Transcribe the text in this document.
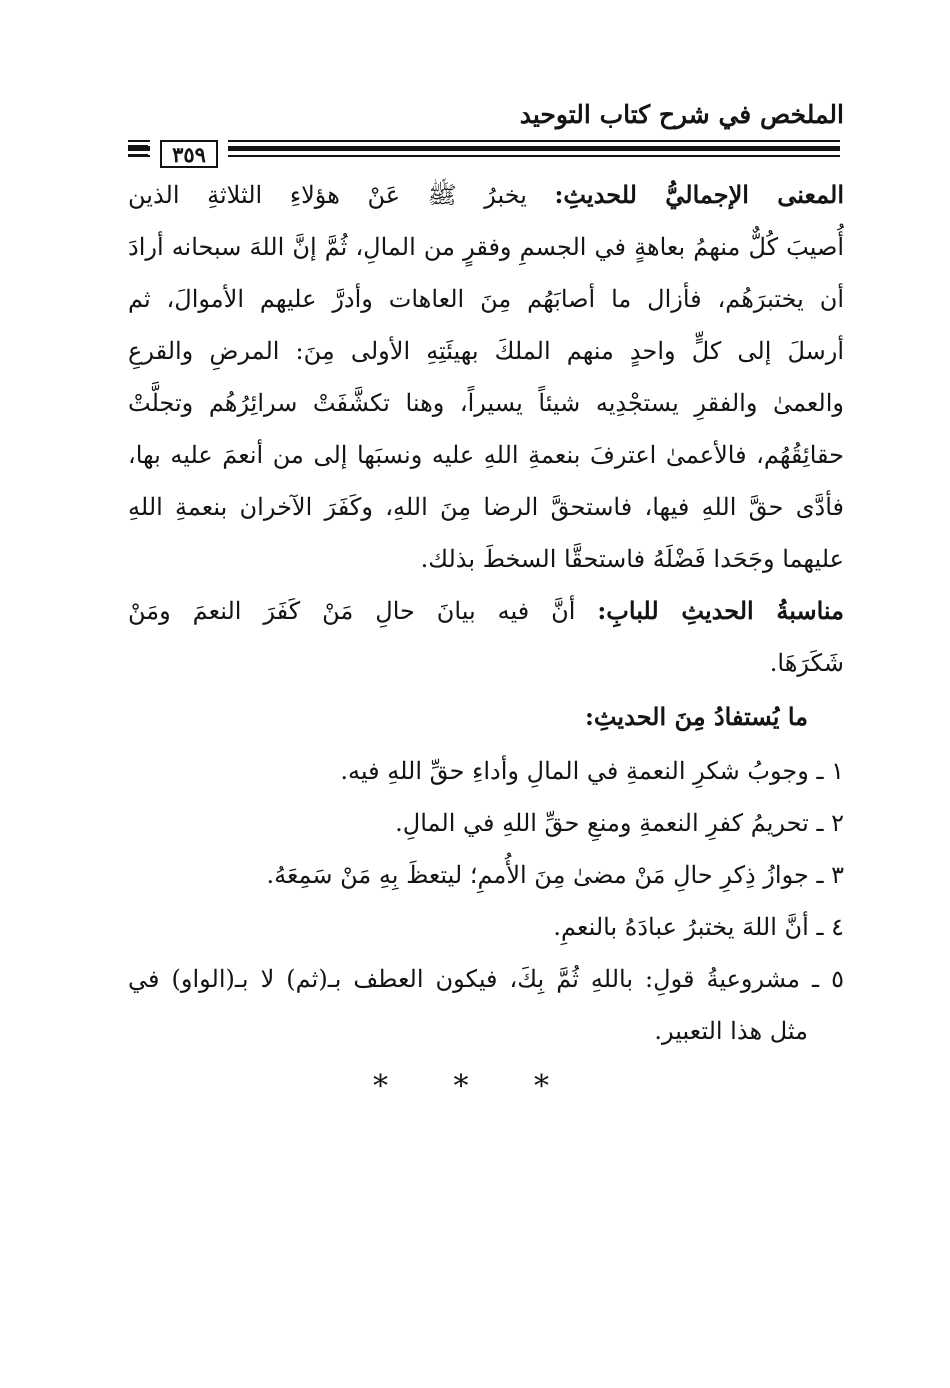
الملخص في شرح كتاب التوحيد
٣٥٩
المعنى الإجماليُّ للحديثِ: يخبرُ ﷺ عَنْ هؤلاءِ الثلاثةِ الذين
أُصيبَ كُلٌّ منهمُ بعاهةٍ في الجسمِ وفقرٍ من المالِ، ثُمَّ إنَّ اللهَ سبحانه أرادَ
أن يختبرَهُم، فأزال ما أصابَهُم مِنَ العاهات وأدرَّ عليهم الأموالَ، ثم
أرسلَ إلى كلٍّ واحدٍ منهم الملكَ بهيئَتِهِ الأولى مِنَ: المرضِ والقرعِ
والعمىٰ والفقرِ يستجْدِيه شيئاً يسيراً، وهنا تكشَّفَتْ سرائِرُهُم وتجلَّتْ
حقائِقُهُم، فالأعمىٰ اعترفَ بنعمةِ اللهِ عليه ونسبَها إلى من أنعمَ عليه بها،
فأدَّى حقَّ اللهِ فيها، فاستحقَّ الرضا مِنَ اللهِ، وكَفَرَ الآخران بنعمةِ اللهِ
عليهما وجَحَدا فَضْلَهُ فاستحقَّا السخطَ بذلك.
مناسبةُ الحديثِ للبابِ: أنَّ فيه بيانَ حالِ مَنْ كَفَرَ النعمَ ومَنْ
شَكَرَهَا.
ما يُستفادُ مِنَ الحديثِ:
١ ـ وجوبُ شكرِ النعمةِ في المالِ وأداءِ حقِّ اللهِ فيه.
٢ ـ تحريمُ كفرِ النعمةِ ومنعِ حقِّ اللهِ في المالِ.
٣ ـ جوازُ ذِكرِ حالِ مَنْ مضىٰ مِنَ الأُممِ؛ ليتعظَ بِهِ مَنْ سَمِعَهُ.
٤ ـ أنَّ اللهَ يختبرُ عبادَهُ بالنعمِ.
٥ ـ مشروعيةُ قولِ: باللهِ ثُمَّ بِكَ، فيكون العطف بـ(ثم) لا بـ(الواو) في
مثل هذا التعبير.
* * *
